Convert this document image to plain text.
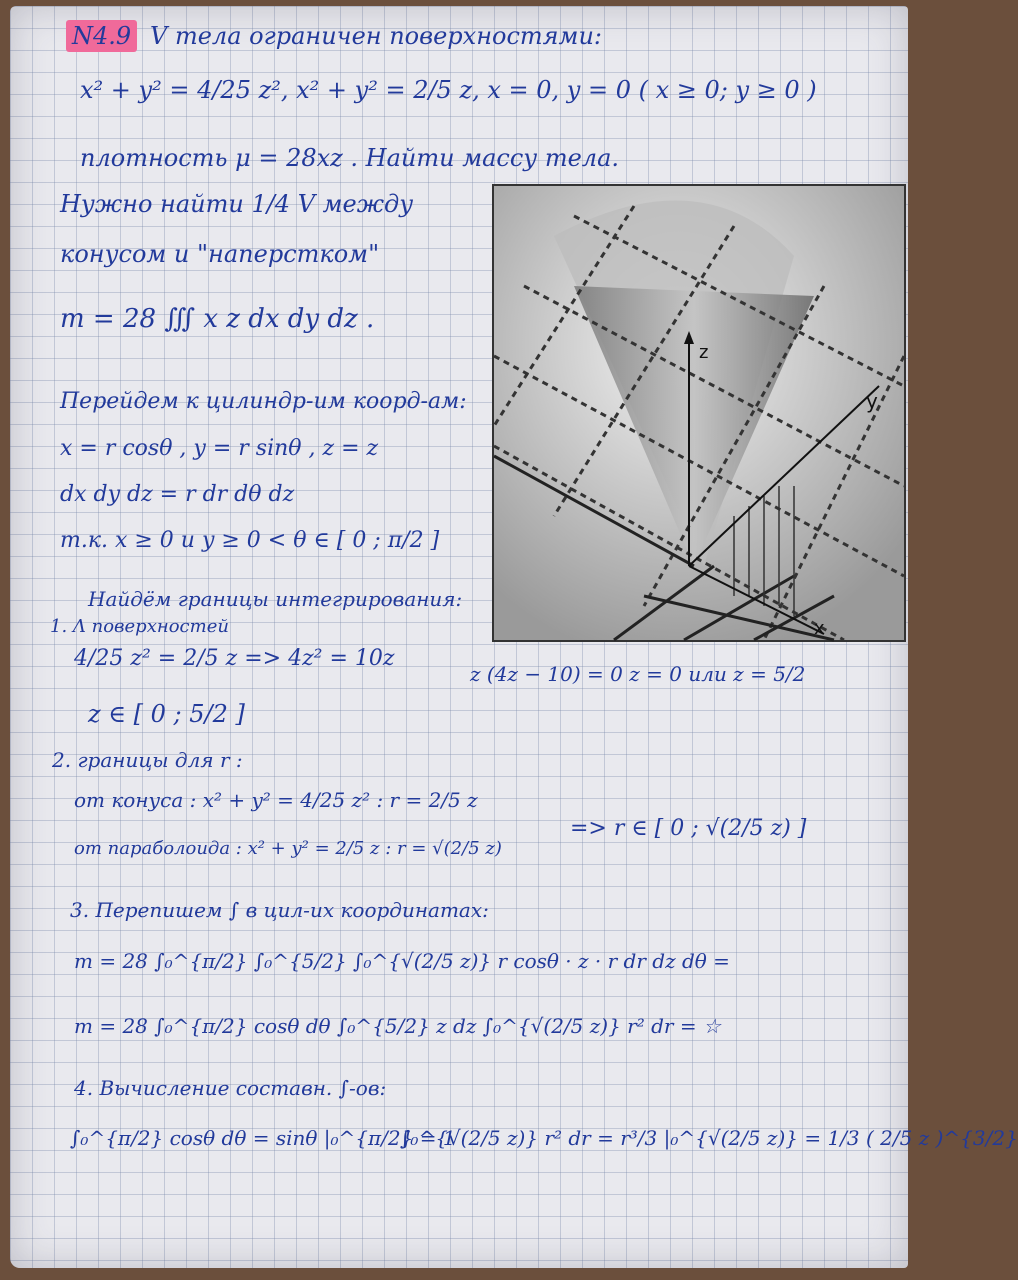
N4.9 V тела ограничен поверхностями:
x² + y² = 4/25 z², x² + y² = 2/5 z, x = 0, y = 0 ( x ≥ 0; y ≥ 0 )
плотность μ = 28xz . Найти массу тела.
Нужно найти 1/4 V между
конусом и "наперстком"
m = 28 ∭ x z dx dy dz .
Перейдем к цилиндр-им коорд-ам:
x = r cosθ , y = r sinθ , z = z
dx dy dz = r dr dθ dz
т.к. x ≥ 0 и y ≥ 0 < θ ∈ [ 0 ; π/2 ]
Найдём границы интегрирования:
1. Λ поверхностей
4/25 z² = 2/5 z => 4z² = 10z
z (4z − 10) = 0 z = 0 или z = 5/2
z ∈ [ 0 ; 5/2 ]
2. границы для r :
от конуса : x² + y² = 4/25 z² : r = 2/5 z
от параболоида : x² + y² = 2/5 z : r = √(2/5 z)
=> r ∈ [ 0 ; √(2/5 z) ]
3. Перепишем ∫ в цил-их координатах:
m = 28 ∫₀^{π/2} ∫₀^{5/2} ∫₀^{√(2/5 z)} r cosθ · z · r dr dz dθ =
m = 28 ∫₀^{π/2} cosθ dθ ∫₀^{5/2} z dz ∫₀^{√(2/5 z)} r² dr = ☆
4. Вычисление составн. ∫-ов:
∫₀^{π/2} cosθ dθ = sinθ |₀^{π/2} = 1
∫₀^{√(2/5 z)} r² dr = r³/3 |₀^{√(2/5 z)} = 1/3 ( 2/5 z )^{3/2}
z
y
x
